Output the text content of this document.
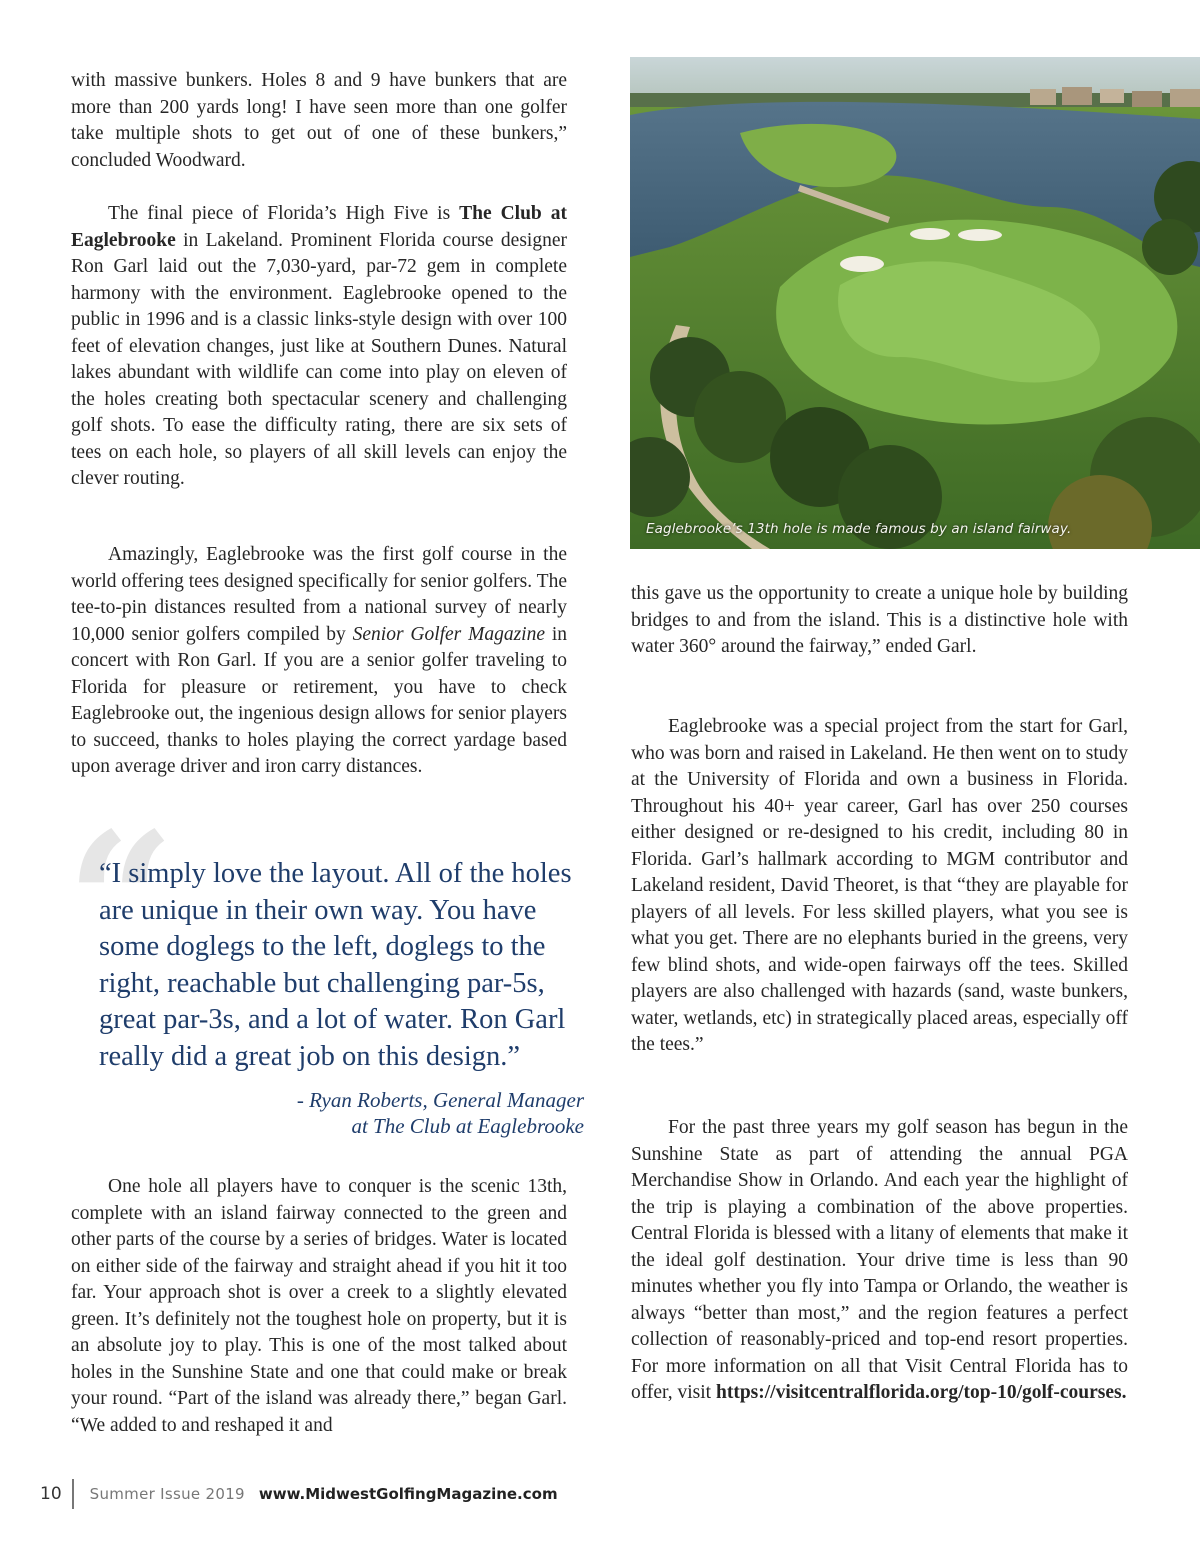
with massive bunkers. Holes 8 and 9 have bunkers that are more than 200 yards long! I have seen more than one golfer take multiple shots to get out of one of these bunkers,” concluded Woodward.

The final piece of Florida’s High Five is The Club at Eaglebrooke in Lakeland. Prominent Florida course designer Ron Garl laid out the 7,030-yard, par-72 gem in complete harmony with the environment. Eaglebrooke opened to the public in 1996 and is a classic links-style design with over 100 feet of elevation changes, just like at Southern Dunes. Natural lakes abundant with wildlife can come into play on eleven of the holes creating both spectacular scenery and challenging golf shots. To ease the difficulty rating, there are six sets of tees on each hole, so players of all skill levels can enjoy the clever routing.

Amazingly, Eaglebrooke was the first golf course in the world offering tees designed specifically for senior golfers. The tee-to-pin distances resulted from a national survey of nearly 10,000 senior golfers compiled by Senior Golfer Magazine in concert with Ron Garl. If you are a senior golfer traveling to Florida for pleasure or retirement, you have to check Eaglebrooke out, the ingenious design allows for senior players to succeed, thanks to holes playing the correct yardage based upon average driver and iron carry distances.

“

“I simply love the layout. All of the holes are unique in their own way. You have some doglegs to the left, doglegs to the right, reachable but challenging par-5s, great par-3s, and a lot of water. Ron Garl really did a great job on this design.”

- Ryan Roberts, General Manager
at The Club at Eaglebrooke

One hole all players have to conquer is the scenic 13th, complete with an island fairway connected to the green and other parts of the course by a series of bridges. Water is located on either side of the fairway and straight ahead if you hit it too far. Your approach shot is over a creek to a slightly elevated green. It’s definitely not the toughest hole on property, but it is an absolute joy to play. This is one of the most talked about holes in the Sunshine State and one that could make or break your round. “Part of the island was already there,” began Garl. “We added to and reshaped it and

Eaglebrooke’s 13th hole is made famous by an island fairway.

this gave us the opportunity to create a unique hole by building bridges to and from the island. This is a distinctive hole with water 360° around the fairway,” ended Garl.

Eaglebrooke was a special project from the start for Garl, who was born and raised in Lakeland. He then went on to study at the University of Florida and own a business in Florida. Throughout his 40+ year career, Garl has over 250 courses either designed or re-designed to his credit, including 80 in Florida. Garl’s hallmark according to MGM contributor and Lakeland resident, David Theoret, is that “they are playable for players of all levels. For less skilled players, what you see is what you get. There are no elephants buried in the greens, very few blind shots, and wide-open fairways off the tees. Skilled players are also challenged with hazards (sand, waste bunkers, water, wetlands, etc) in strategically placed areas, especially off the tees.”

For the past three years my golf season has begun in the Sunshine State as part of attending the annual PGA Merchandise Show in Orlando. And each year the highlight of the trip is playing a combination of the above properties. Central Florida is blessed with a litany of elements that make it the ideal golf destination. Your drive time is less than 90 minutes whether you fly into Tampa or Orlando, the weather is always “better than most,” and the region features a perfect collection of reasonably-priced and top-end resort properties. For more information on all that Visit Central Florida has to offer, visit https://visitcentralflorida.org/top-10/golf-courses.

10 Summer Issue 2019 www.MidwestGolfingMagazine.com
